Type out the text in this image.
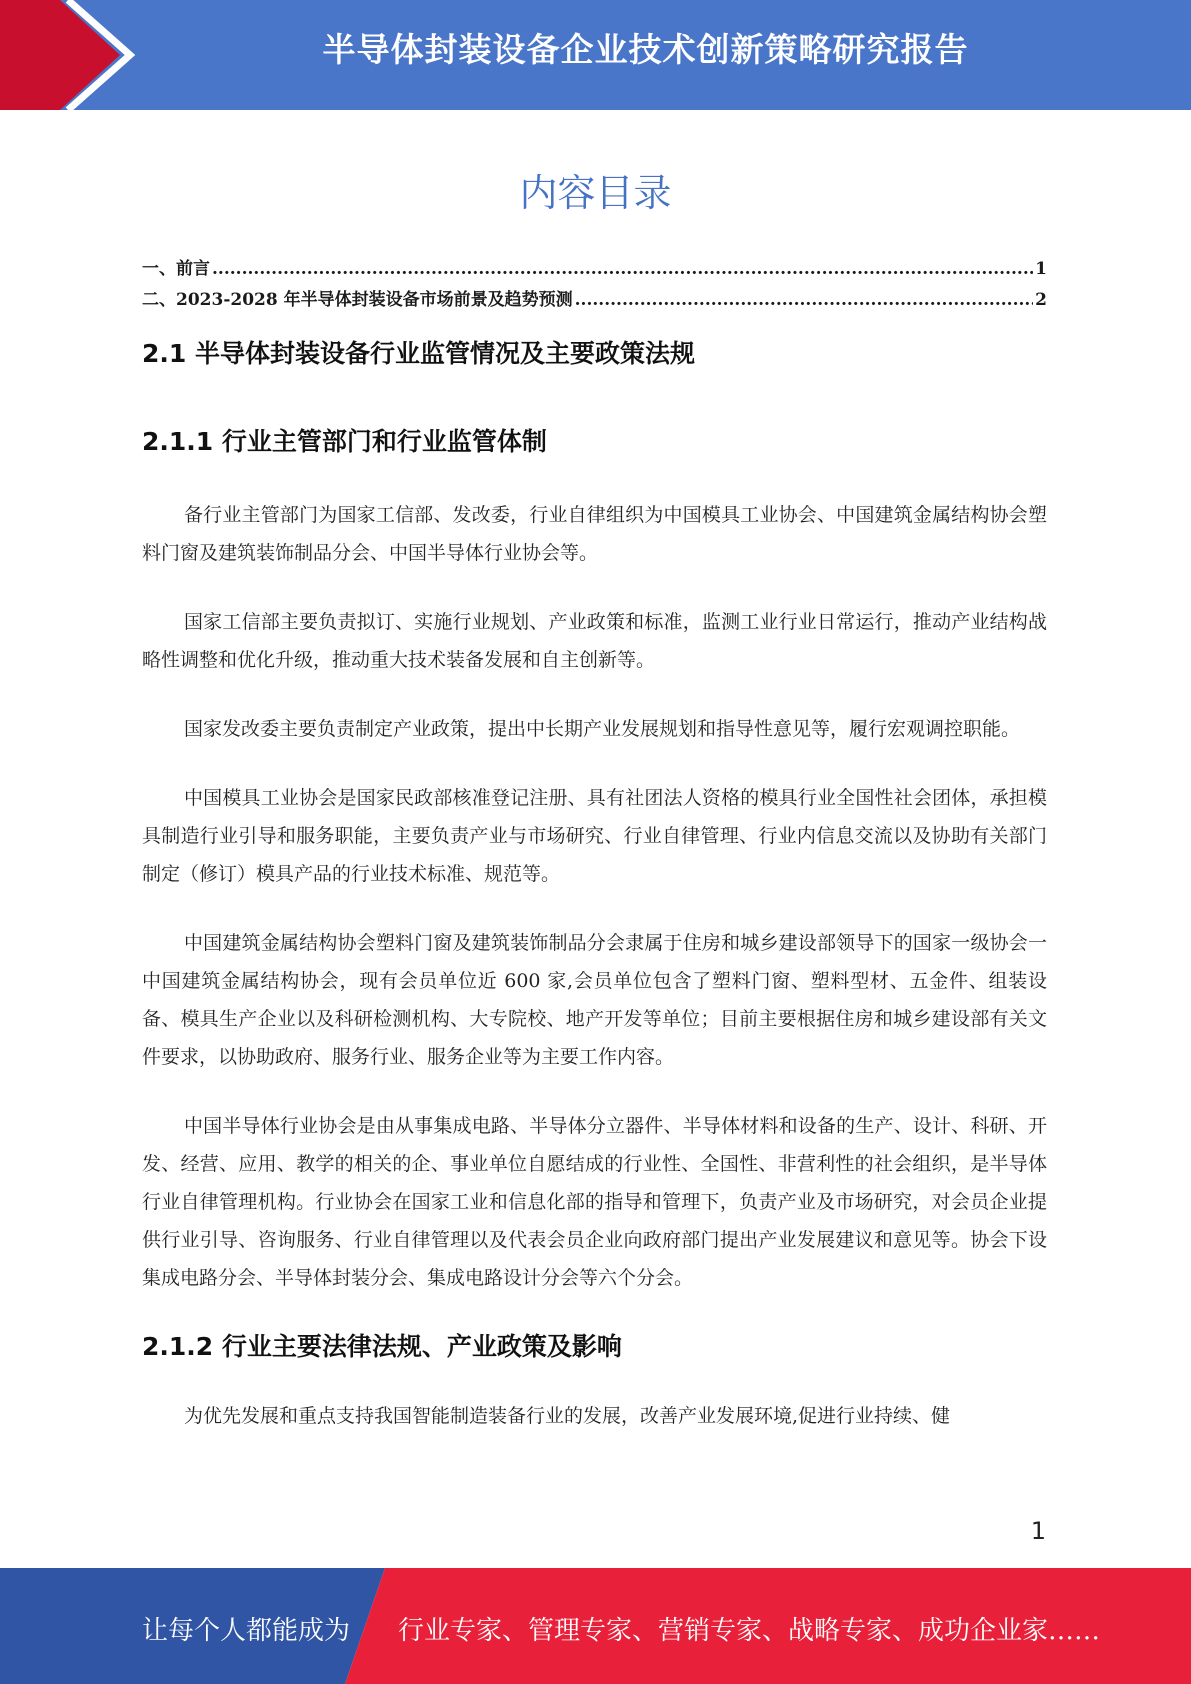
半导体封装设备企业技术创新策略研究报告
内容目录
一、前言 .....	1
二、2023-2028 年半导体封装设备市场前景及趋势预测 .....	2
2.1 半导体封装设备行业监管情况及主要政策法规
2.1.1 行业主管部门和行业监管体制

备行业主管部门为国家工信部、发改委，行业自律组织为中国模具工业协会、中国建筑金属结构协会塑料门窗及建筑装饰制品分会、中国半导体行业协会等。

国家工信部主要负责拟订、实施行业规划、产业政策和标准，监测工业行业日常运行，推动产业结构战略性调整和优化升级，推动重大技术装备发展和自主创新等。

国家发改委主要负责制定产业政策，提出中长期产业发展规划和指导性意见等，履行宏观调控职能。

中国模具工业协会是国家民政部核准登记注册、具有社团法人资格的模具行业全国性社会团体，承担模具制造行业引导和服务职能，主要负责产业与市场研究、行业自律管理、行业内信息交流以及协助有关部门制定（修订）模具产品的行业技术标准、规范等。

中国建筑金属结构协会塑料门窗及建筑装饰制品分会隶属于住房和城乡建设部领导下的国家一级协会一中国建筑金属结构协会，现有会员单位近 600 家,会员单位包含了塑料门窗、塑料型材、五金件、组装设备、模具生产企业以及科研检测机构、大专院校、地产开发等单位；目前主要根据住房和城乡建设部有关文件要求，以协助政府、服务行业、服务企业等为主要工作内容。

中国半导体行业协会是由从事集成电路、半导体分立器件、半导体材料和设备的生产、设计、科研、开发、经营、应用、教学的相关的企、事业单位自愿结成的行业性、全国性、非营利性的社会组织，是半导体行业自律管理机构。行业协会在国家工业和信息化部的指导和管理下，负责产业及市场研究，对会员企业提供行业引导、咨询服务、行业自律管理以及代表会员企业向政府部门提出产业发展建议和意见等。协会下设集成电路分会、半导体封装分会、集成电路设计分会等六个分会。

2.1.2 行业主要法律法规、产业政策及影响

为优先发展和重点支持我国智能制造装备行业的发展，改善产业发展环境,促进行业持续、健

1
让每个人都能成为 行业专家、管理专家、营销专家、战略专家、成功企业家……
